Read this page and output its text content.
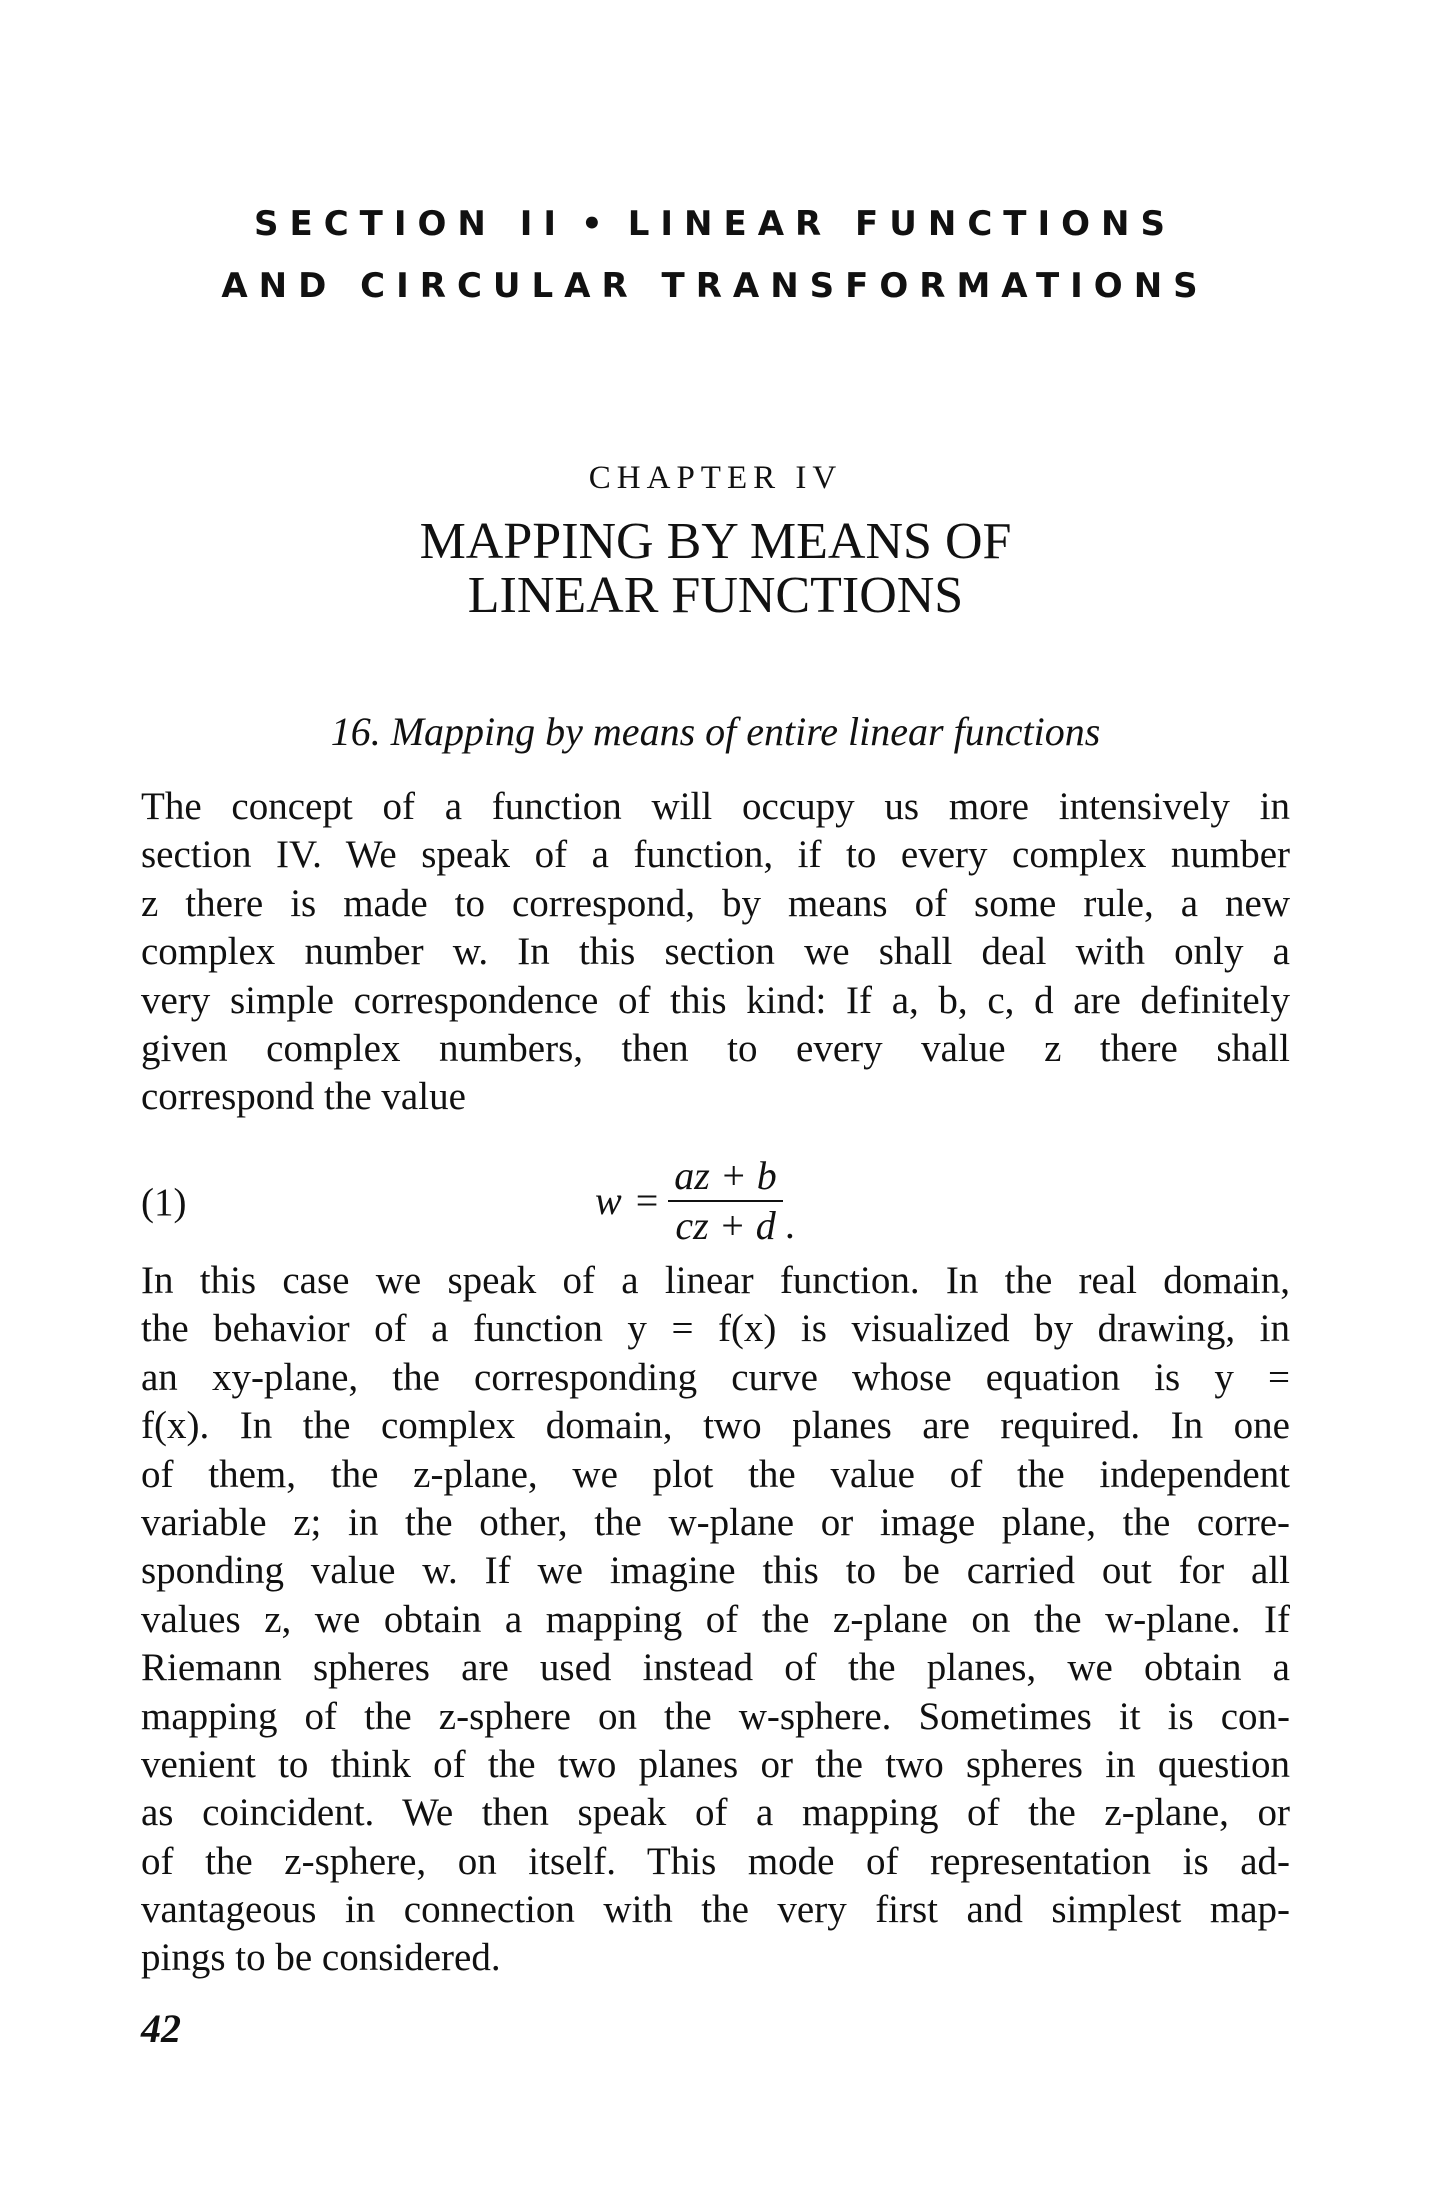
SECTION II • LINEAR FUNCTIONS
AND CIRCULAR TRANSFORMATIONS
CHAPTER IV
MAPPING BY MEANS OF
LINEAR FUNCTIONS
16. Mapping by means of entire linear functions
The concept of a function will occupy us more intensively in
section IV. We speak of a function, if to every complex number
z there is made to correspond, by means of some rule, a new
complex number w. In this section we shall deal with only a
very simple correspondence of this kind: If a, b, c, d are definitely
given complex numbers, then to every value z there shall
correspond the value
(1)	$w = \frac{az + b}{cz + d}$ .
In this case we speak of a linear function. In the real domain,
the behavior of a function y = f(x) is visualized by drawing, in
an xy-plane, the corresponding curve whose equation is y =
f(x). In the complex domain, two planes are required. In one
of them, the z-plane, we plot the value of the independent
variable z; in the other, the w-plane or image plane, the corre-
sponding value w. If we imagine this to be carried out for all
values z, we obtain a mapping of the z-plane on the w-plane. If
Riemann spheres are used instead of the planes, we obtain a
mapping of the z-sphere on the w-sphere. Sometimes it is con-
venient to think of the two planes or the two spheres in question
as coincident. We then speak of a mapping of the z-plane, or
of the z-sphere, on itself. This mode of representation is ad-
vantageous in connection with the very first and simplest map-
pings to be considered.
42
